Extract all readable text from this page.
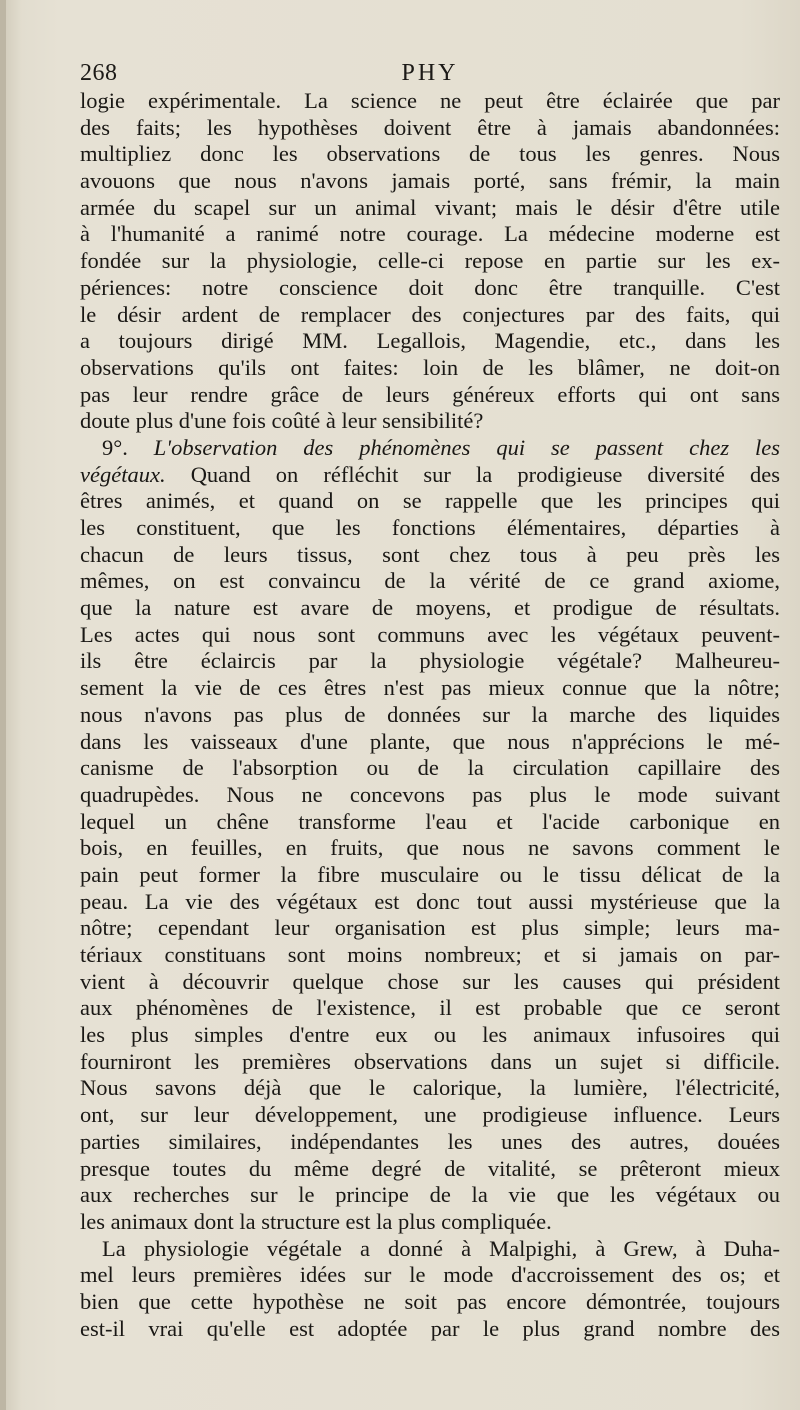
268	PHY
logie expérimentale. La science ne peut être éclairée que par
des faits; les hypothèses doivent être à jamais abandonnées:
multipliez donc les observations de tous les genres. Nous
avouons que nous n'avons jamais porté, sans frémir, la main
armée du scapel sur un animal vivant; mais le désir d'être utile
à l'humanité a ranimé notre courage. La médecine moderne est
fondée sur la physiologie, celle-ci repose en partie sur les ex-
périences: notre conscience doit donc être tranquille. C'est
le désir ardent de remplacer des conjectures par des faits, qui
a toujours dirigé MM. Legallois, Magendie, etc., dans les
observations qu'ils ont faites: loin de les blâmer, ne doit-on
pas leur rendre grâce de leurs généreux efforts qui ont sans
doute plus d'une fois coûté à leur sensibilité?
9°. L'observation des phénomènes qui se passent chez les
végétaux. Quand on réfléchit sur la prodigieuse diversité des
êtres animés, et quand on se rappelle que les principes qui
les constituent, que les fonctions élémentaires, départies à
chacun de leurs tissus, sont chez tous à peu près les
mêmes, on est convaincu de la vérité de ce grand axiome,
que la nature est avare de moyens, et prodigue de résultats.
Les actes qui nous sont communs avec les végétaux peuvent-
ils être éclaircis par la physiologie végétale? Malheureu-
sement la vie de ces êtres n'est pas mieux connue que la nôtre;
nous n'avons pas plus de données sur la marche des liquides
dans les vaisseaux d'une plante, que nous n'apprécions le mé-
canisme de l'absorption ou de la circulation capillaire des
quadrupèdes. Nous ne concevons pas plus le mode suivant
lequel un chêne transforme l'eau et l'acide carbonique en
bois, en feuilles, en fruits, que nous ne savons comment le
pain peut former la fibre musculaire ou le tissu délicat de la
peau. La vie des végétaux est donc tout aussi mystérieuse que la
nôtre; cependant leur organisation est plus simple; leurs ma-
tériaux constituans sont moins nombreux; et si jamais on par-
vient à découvrir quelque chose sur les causes qui président
aux phénomènes de l'existence, il est probable que ce seront
les plus simples d'entre eux ou les animaux infusoires qui
fourniront les premières observations dans un sujet si difficile.
Nous savons déjà que le calorique, la lumière, l'électricité,
ont, sur leur développement, une prodigieuse influence. Leurs
parties similaires, indépendantes les unes des autres, douées
presque toutes du même degré de vitalité, se prêteront mieux
aux recherches sur le principe de la vie que les végétaux ou
les animaux dont la structure est la plus compliquée.
La physiologie végétale a donné à Malpighi, à Grew, à Duha-
mel leurs premières idées sur le mode d'accroissement des os; et
bien que cette hypothèse ne soit pas encore démontrée, toujours
est-il vrai qu'elle est adoptée par le plus grand nombre des
